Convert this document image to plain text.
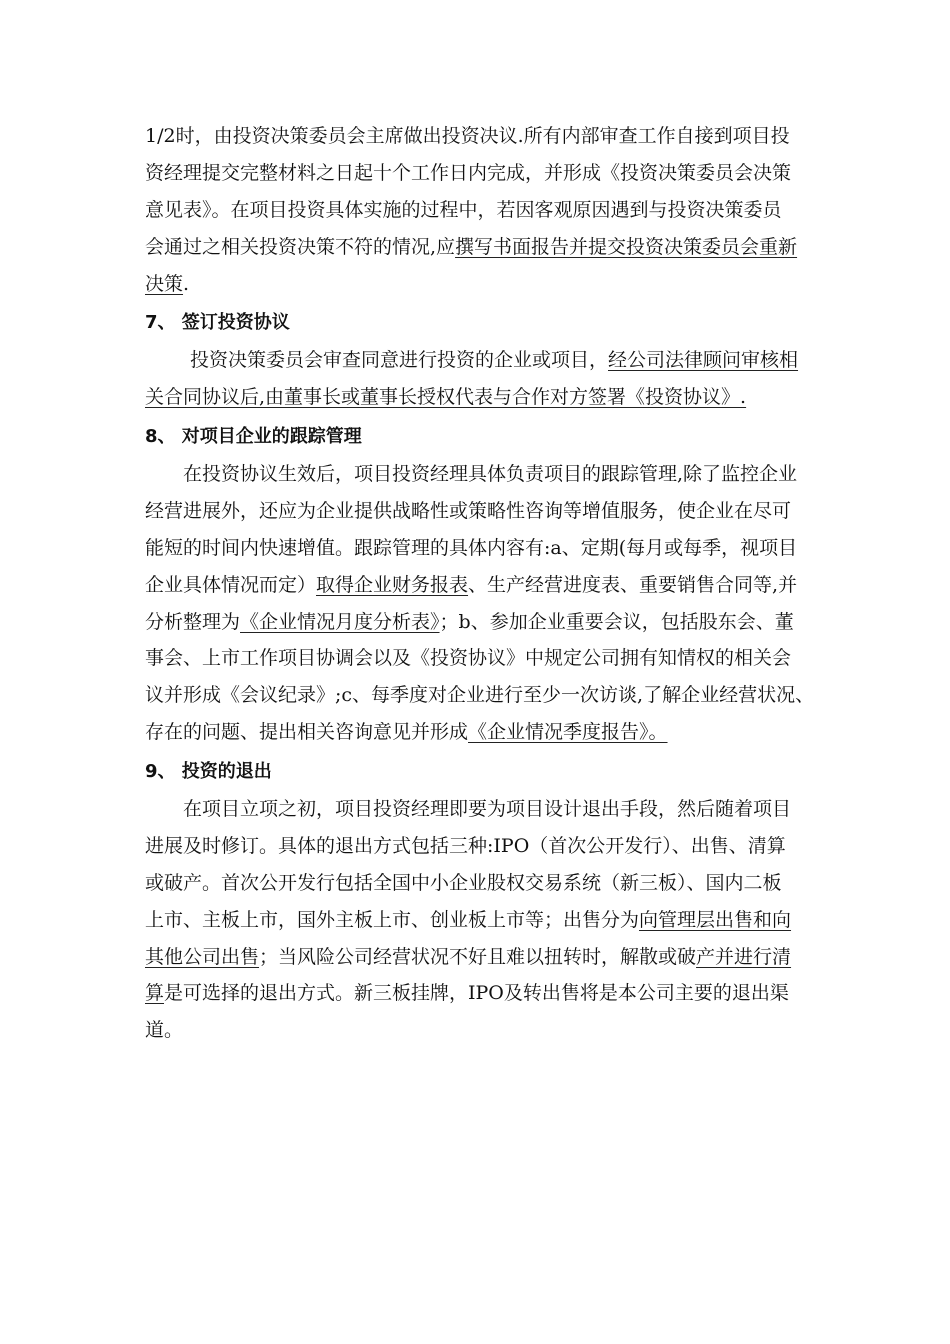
1/2时，由投资决策委员会主席做出投资决议.所有内部审查工作自接到项目投
资经理提交完整材料之日起十个工作日内完成，并形成《投资决策委员会决策
意见表》。在项目投资具体实施的过程中，若因客观原因遇到与投资决策委员
会通过之相关投资决策不符的情况,应撰写书面报告并提交投资决策委员会重新
决策.
7、 签订投资协议
投资决策委员会审查同意进行投资的企业或项目，经公司法律顾问审核相
关合同协议后,由董事长或董事长授权代表与合作对方签署《投资协议》.
8、 对项目企业的跟踪管理
在投资协议生效后，项目投资经理具体负责项目的跟踪管理,除了监控企业
经营进展外，还应为企业提供战略性或策略性咨询等增值服务，使企业在尽可
能短的时间内快速增值。跟踪管理的具体内容有:a、定期(每月或每季，视项目
企业具体情况而定）取得企业财务报表、生产经营进度表、重要销售合同等,并
分析整理为《企业情况月度分析表》；b、参加企业重要会议，包括股东会、董
事会、上市工作项目协调会以及《投资协议》中规定公司拥有知情权的相关会
议并形成《会议纪录》;c、每季度对企业进行至少一次访谈,了解企业经营状况、
存在的问题、提出相关咨询意见并形成《企业情况季度报告》。
9、 投资的退出
在项目立项之初，项目投资经理即要为项目设计退出手段，然后随着项目
进展及时修订。具体的退出方式包括三种:IPO（首次公开发行）、出售、清算
或破产。首次公开发行包括全国中小企业股权交易系统（新三板）、国内二板
上市、主板上市，国外主板上市、创业板上市等；出售分为向管理层出售和向
其他公司出售；当风险公司经营状况不好且难以扭转时，解散或破产并进行清
算是可选择的退出方式。新三板挂牌，IPO及转出售将是本公司主要的退出渠
道。
